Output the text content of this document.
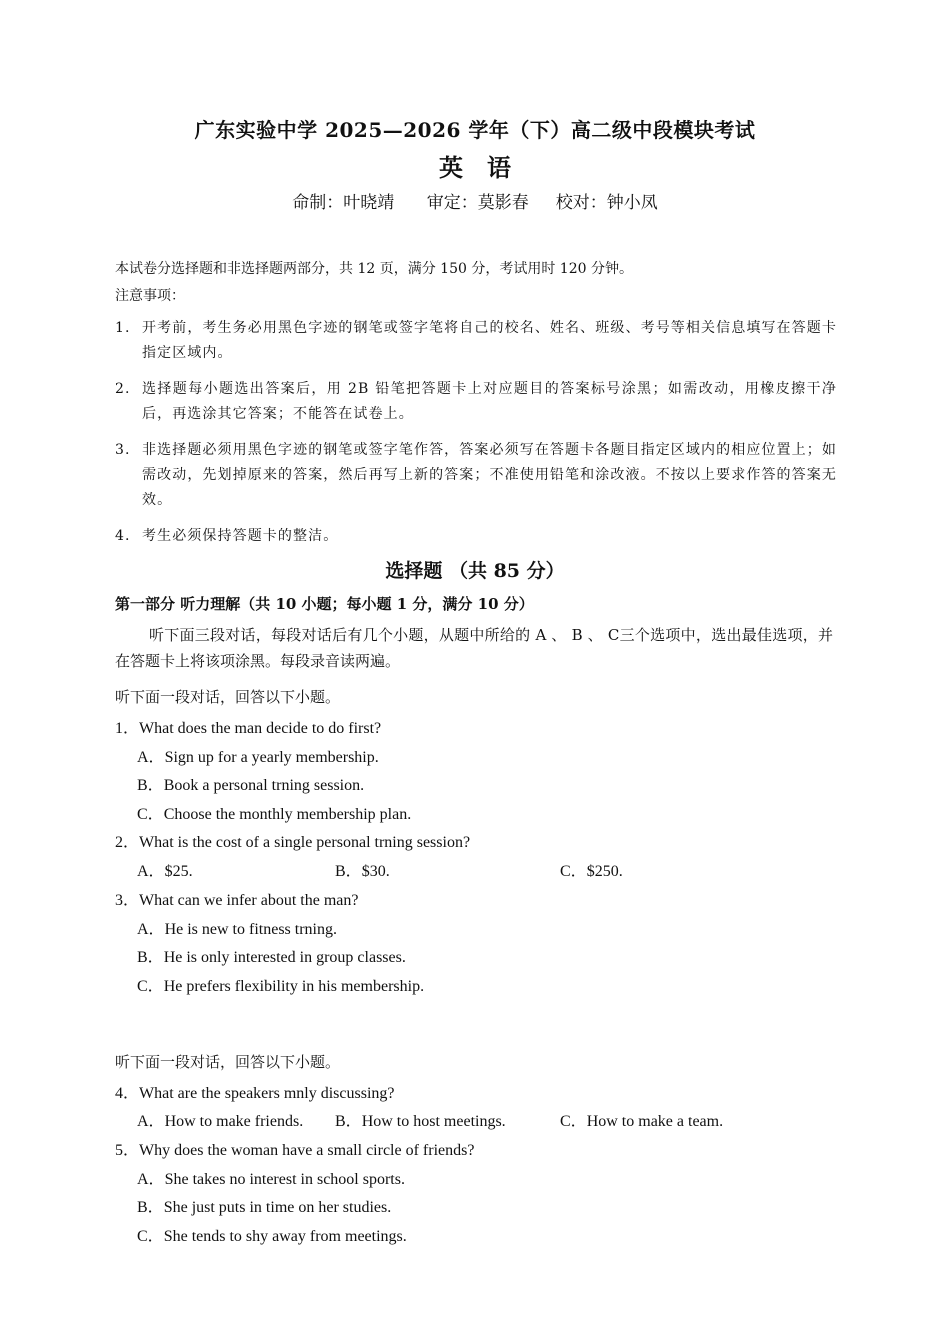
广东实验中学 2025—2026 学年（下）高二级中段模块考试
英语
命制：叶晓靖      审定：莫影春     校对：钟小凤
本试卷分选择题和非选择题两部分，共 12 页，满分 150 分，考试用时 120 分钟。
注意事项：
1. 开考前，考生务必用黑色字迹的钢笔或签字笔将自己的校名、姓名、班级、考号等相关信息填写在答题卡指定区域内。
2. 选择题每小题选出答案后，用 2B 铅笔把答题卡上对应题目的答案标号涂黑；如需改动，用橡皮擦干净后，再选涂其它答案；不能答在试卷上。
3. 非选择题必须用黑色字迹的钢笔或签字笔作答，答案必须写在答题卡各题目指定区域内的相应位置上；如需改动，先划掉原来的答案，然后再写上新的答案；不准使用铅笔和涂改液。不按以上要求作答的答案无效。
4. 考生必须保持答题卡的整洁。
选择题 （共 85 分）
第一部分 听力理解（共 10 小题；每小题 1 分，满分 10 分）
听下面三段对话，每段对话后有几个小题，从题中所给的 A 、 B 、 C三个选项中，选出最佳选项，并在答题卡上将该项涂黑。每段录音读两遍。
听下面一段对话，回答以下小题。
1．What does the man decide to do first?
A．Sign up for a yearly membership.
B．Book a personal trning session.
C．Choose the monthly membership plan.
2．What is the cost of a single personal trning session?
A．$25.	B．$30.	C．$250.
3．What can we infer about the man?
A．He is new to fitness trning.
B．He is only interested in group classes.
C．He prefers flexibility in his membership.
听下面一段对话，回答以下小题。
4．What are the speakers mnly discussing?
A．How to make friends. B．How to host meetings.	C．How to make a team.
5．Why does the woman have a small circle of friends?
A．She takes no interest in school sports.
B．She just puts in time on her studies.
C．She tends to shy away from meetings.
